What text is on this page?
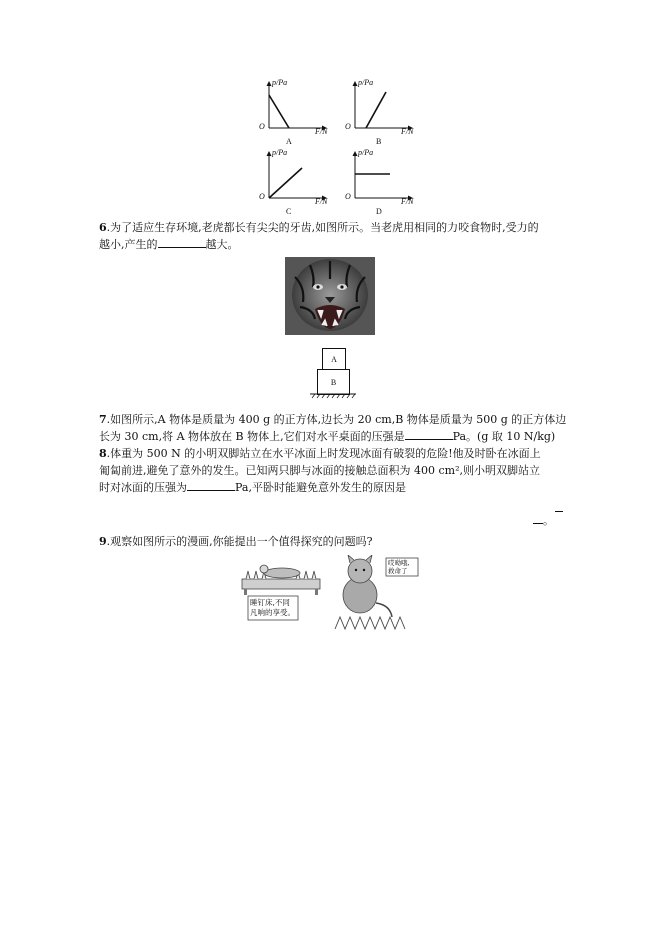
p/Pa
O
F/N
A
p/Pa
O
F/N
B
p/Pa
O
F/N
C
p/Pa
O
F/N
D
6.为了适应生存环境,老虎都长有尖尖的牙齿,如图所示。当老虎用相同的力咬食物时,受力的
越小,产生的	越大。
A
B
7.如图所示,A 物体是质量为 400 g 的正方体,边长为 20 cm,B 物体是质量为 500 g 的正方体边
长为 30 cm,将 A 物体放在 B 物体上,它们对水平桌面的压强是	Pa。(g 取 10 N/kg)
8.体重为 500 N 的小明双脚站立在水平冰面上时发现冰面有破裂的危险!他及时卧在冰面上
匍匐前进,避免了意外的发生。已知两只脚与冰面的接触总面积为 400 cm²,则小明双脚站立
时对冰面的压强为	Pa,平卧时能避免意外发生的原因是
。
9.观察如图所示的漫画,你能提出一个值得探究的问题吗?
睡钉床,不同凡响的享受。
哎呦哦,救命了
